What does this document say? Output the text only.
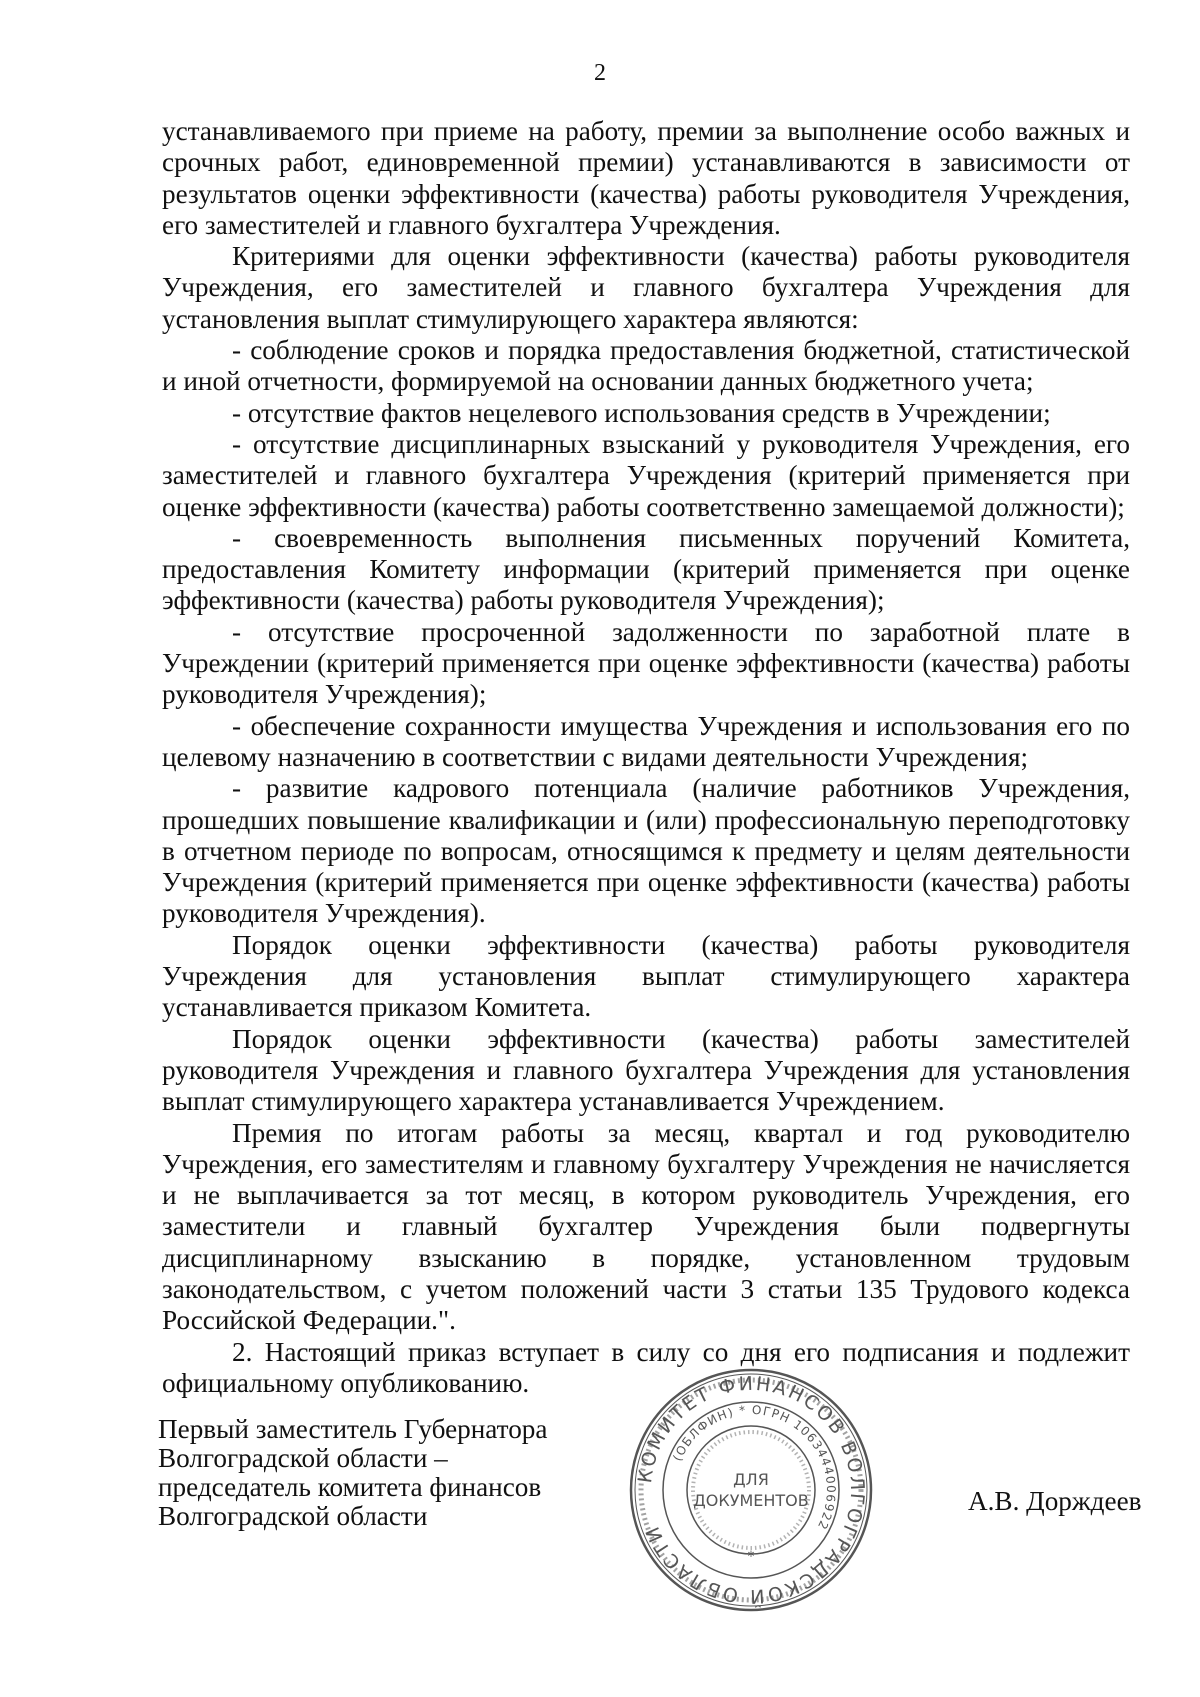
2

устанавливаемого при приеме на работу, премии за выполнение особо важных и срочных работ, единовременной премии) устанавливаются в зависимости от результатов оценки эффективности (качества) работы руководителя Учреждения, его заместителей и главного бухгалтера Учреждения.

Критериями для оценки эффективности (качества) работы руководителя Учреждения, его заместителей и главного бухгалтера Учреждения для установления выплат стимулирующего характера являются:

- соблюдение сроков и порядка предоставления бюджетной, статистической и иной отчетности, формируемой на основании данных бюджетного учета;

- отсутствие фактов нецелевого использования средств в Учреждении;

- отсутствие дисциплинарных взысканий у руководителя Учреждения, его заместителей и главного бухгалтера Учреждения (критерий применяется при оценке эффективности (качества) работы соответственно замещаемой должности);

- своевременность выполнения письменных поручений Комитета, предоставления Комитету информации (критерий применяется при оценке эффективности (качества) работы руководителя Учреждения);

- отсутствие просроченной задолженности по заработной плате в Учреждении (критерий применяется при оценке эффективности (качества) работы руководителя Учреждения);

- обеспечение сохранности имущества Учреждения и использования его по целевому назначению в соответствии с видами деятельности Учреждения;

- развитие кадрового потенциала (наличие работников Учреждения, прошедших повышение квалификации и (или) профессиональную переподготовку в отчетном периоде по вопросам, относящимся к предмету и целям деятельности Учреждения (критерий применяется при оценке эффективности (качества) работы руководителя Учреждения).

Порядок оценки эффективности (качества) работы руководителя Учреждения для установления выплат стимулирующего характера устанавливается приказом Комитета.

Порядок оценки эффективности (качества) работы заместителей руководителя Учреждения и главного бухгалтера Учреждения для установления выплат стимулирующего характера устанавливается Учреждением.

Премия по итогам работы за месяц, квартал и год руководителю Учреждения, его заместителям и главному бухгалтеру Учреждения не начисляется и не выплачивается за тот месяц, в котором руководитель Учреждения, его заместители и главный бухгалтер Учреждения были подвергнуты дисциплинарному взысканию в порядке, установленном трудовым законодательством, с учетом положений части 3 статьи 135 Трудового кодекса Российской Федерации.".

2. Настоящий приказ вступает в силу со дня его подписания и подлежит официальному опубликованию.

Первый заместитель Губернатора
Волгоградской области –
председатель комитета финансов
Волгоградской области	А.В. Дорждеев
КОМИТЕТ ФИНАНСОВ ВОЛГОГРАДСКОЙ ОБЛАСТИ
(ОБЛФИН) * ОГРН 1063444006922
ДЛЯ
ДОКУМЕНТОВ
*
